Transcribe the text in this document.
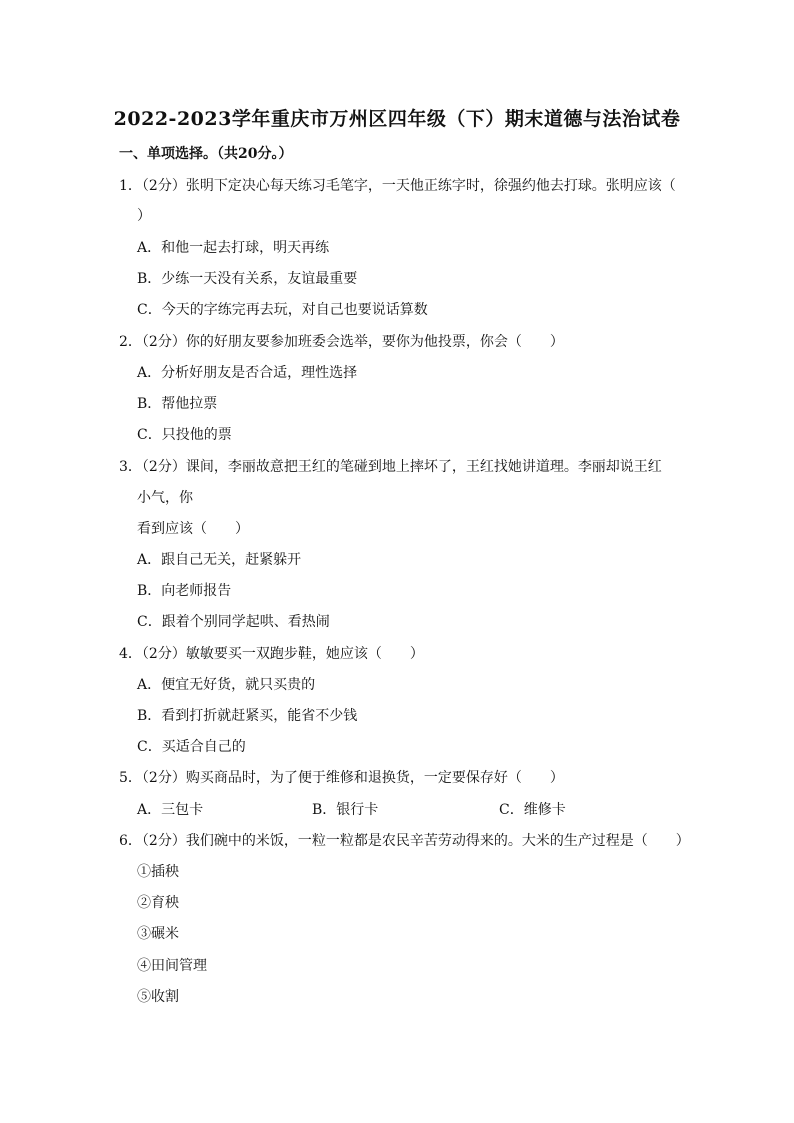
2022-2023学年重庆市万州区四年级（下）期末道德与法治试卷
一、单项选择。（共20分。）
1．（2分）张明下定决心每天练习毛笔字，一天他正练字时，徐强约他去打球。张明应该（
）
A．和他一起去打球，明天再练
B．少练一天没有关系，友谊最重要
C．今天的字练完再去玩，对自己也要说话算数
2．（2分）你的好朋友要参加班委会选举，要你为他投票，你会（　　）
A．分析好朋友是否合适，理性选择
B．帮他拉票
C．只投他的票
3．（2分）课间，李丽故意把王红的笔碰到地上摔坏了，王红找她讲道理。李丽却说王红
小气，你
看到应该（　　）
A．跟自己无关，赶紧躲开
B．向老师报告
C．跟着个别同学起哄、看热闹
4．（2分）敏敏要买一双跑步鞋，她应该（　　）
A．便宜无好货，就只买贵的
B．看到打折就赶紧买，能省不少钱
C．买适合自己的
5．（2分）购买商品时，为了便于维修和退换货，一定要保存好（　　）
A．三包卡	B．银行卡	C．维修卡
6．（2分）我们碗中的米饭，一粒一粒都是农民辛苦劳动得来的。大米的生产过程是（　　）
①插秧
②育秧
③碾米
④田间管理
⑤收割
